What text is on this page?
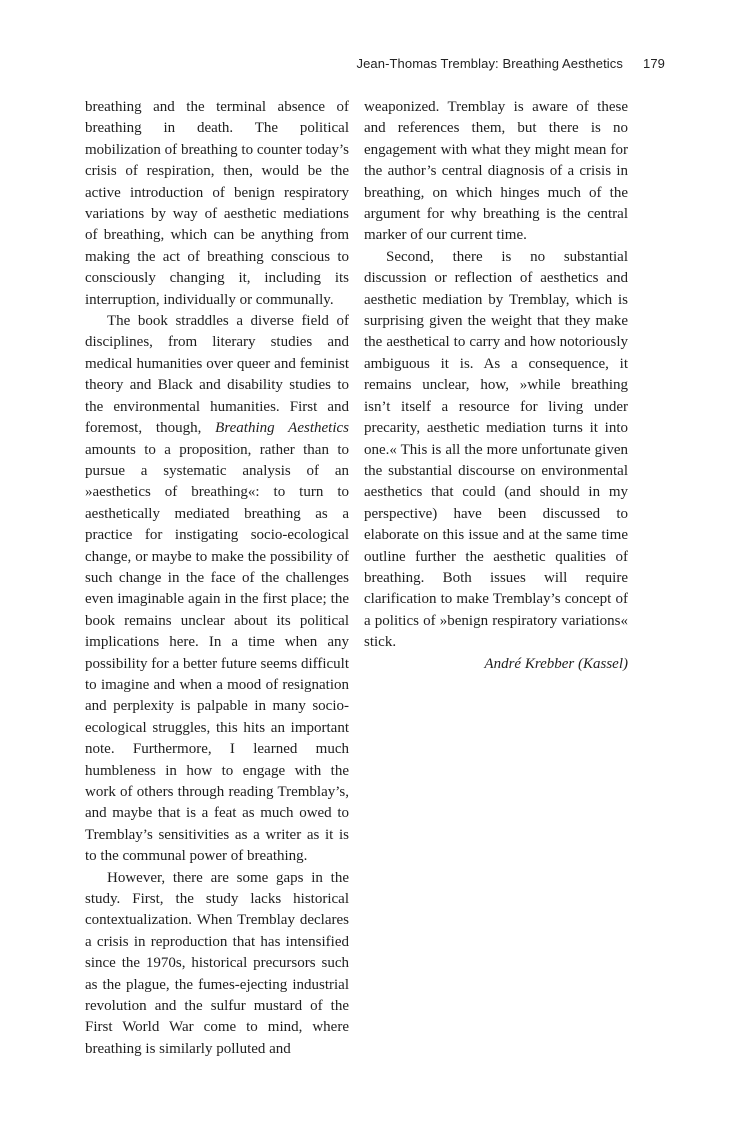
Jean-Thomas Tremblay: Breathing Aesthetics 179

breathing and the terminal absence of breathing in death. The political mobilization of breathing to counter today’s crisis of respiration, then, would be the active introduction of benign respiratory variations by way of aesthetic mediations of breathing, which can be anything from making the act of breathing conscious to consciously changing it, including its interruption, individually or communally.

The book straddles a diverse field of disciplines, from literary studies and medical humanities over queer and feminist theory and Black and disability studies to the environmental humanities. First and foremost, though, Breathing Aesthetics amounts to a proposition, rather than to pursue a systematic analysis of an »aesthetics of breathing«: to turn to aesthetically mediated breathing as a practice for instigating socio-ecological change, or maybe to make the possibility of such change in the face of the challenges even imaginable again in the first place; the book remains unclear about its political implications here. In a time when any possibility for a better future seems difficult to imagine and when a mood of resignation and perplexity is palpable in many socio-ecological struggles, this hits an important note. Furthermore, I learned much humbleness in how to engage with the work of others through reading Tremblay’s, and maybe that is a feat as much owed to Tremblay’s sensitivities as a writer as it is to the communal power of breathing.

However, there are some gaps in the study. First, the study lacks historical contextualization. When Tremblay declares a crisis in reproduction that has intensified since the 1970s, historical precursors such as the plague, the fumes-ejecting industrial revolution and the sulfur mustard of the First World War come to mind, where breathing is similarly polluted and

weaponized. Tremblay is aware of these and references them, but there is no engagement with what they might mean for the author’s central diagnosis of a crisis in breathing, on which hinges much of the argument for why breathing is the central marker of our current time.

Second, there is no substantial discussion or reflection of aesthetics and aesthetic mediation by Tremblay, which is surprising given the weight that they make the aesthetical to carry and how notoriously ambiguous it is. As a consequence, it remains unclear, how, »while breathing isn’t itself a resource for living under precarity, aesthetic mediation turns it into one.« This is all the more unfortunate given the substantial discourse on environmental aesthetics that could (and should in my perspective) have been discussed to elaborate on this issue and at the same time outline further the aesthetic qualities of breathing. Both issues will require clarification to make Tremblay’s concept of a politics of »benign respiratory variations« stick.

André Krebber (Kassel)
